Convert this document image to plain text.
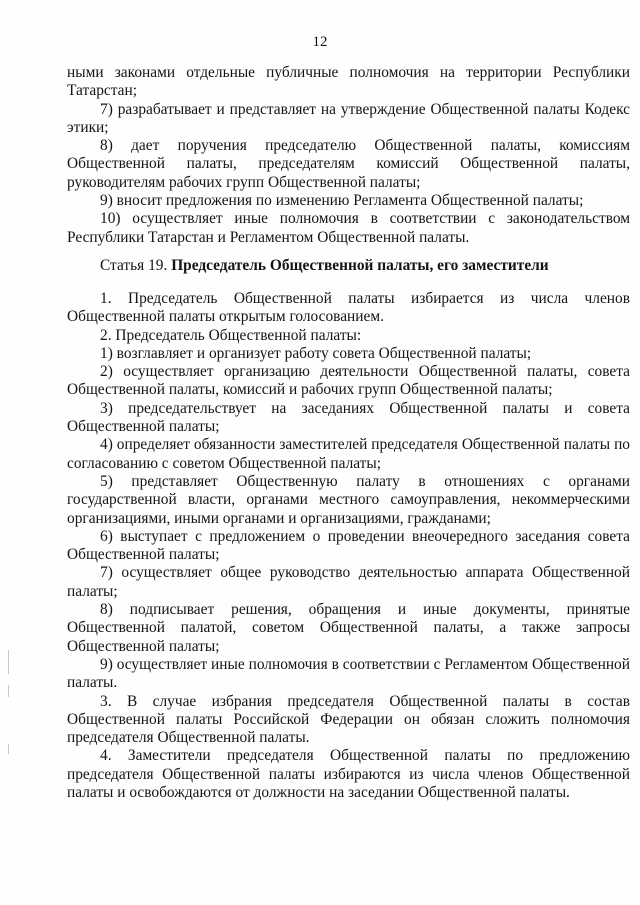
12

ными законами отдельные публичные полномочия на территории Республики Татарстан;

7) разрабатывает и представляет на утверждение Общественной палаты Кодекс этики;

8) дает поручения председателю Общественной палаты, комиссиям Общественной палаты, председателям комиссий Общественной палаты, руководителям рабочих групп Общественной палаты;

9) вносит предложения по изменению Регламента Общественной палаты;

10) осуществляет иные полномочия в соответствии с законодательством Республики Татарстан и Регламентом Общественной палаты.

Статья 19. Председатель Общественной палаты, его заместители

1. Председатель Общественной палаты избирается из числа членов Общественной палаты открытым голосованием.

2. Председатель Общественной палаты:

1) возглавляет и организует работу совета Общественной палаты;

2) осуществляет организацию деятельности Общественной палаты, совета Общественной палаты, комиссий и рабочих групп Общественной палаты;

3) председательствует на заседаниях Общественной палаты и совета Общественной палаты;

4) определяет обязанности заместителей председателя Общественной палаты по согласованию с советом Общественной палаты;

5) представляет Общественную палату в отношениях с органами государственной власти, органами местного самоуправления, некоммерческими организациями, иными органами и организациями, гражданами;

6) выступает с предложением о проведении внеочередного заседания совета Общественной палаты;

7) осуществляет общее руководство деятельностью аппарата Общественной палаты;

8) подписывает решения, обращения и иные документы, принятые Общественной палатой, советом Общественной палаты, а также запросы Общественной палаты;

9) осуществляет иные полномочия в соответствии с Регламентом Общественной палаты.

3. В случае избрания председателя Общественной палаты в состав Общественной палаты Российской Федерации он обязан сложить полномочия председателя Общественной палаты.

4. Заместители председателя Общественной палаты по предложению председателя Общественной палаты избираются из числа членов Общественной палаты и освобождаются от должности на заседании Общественной палаты.
